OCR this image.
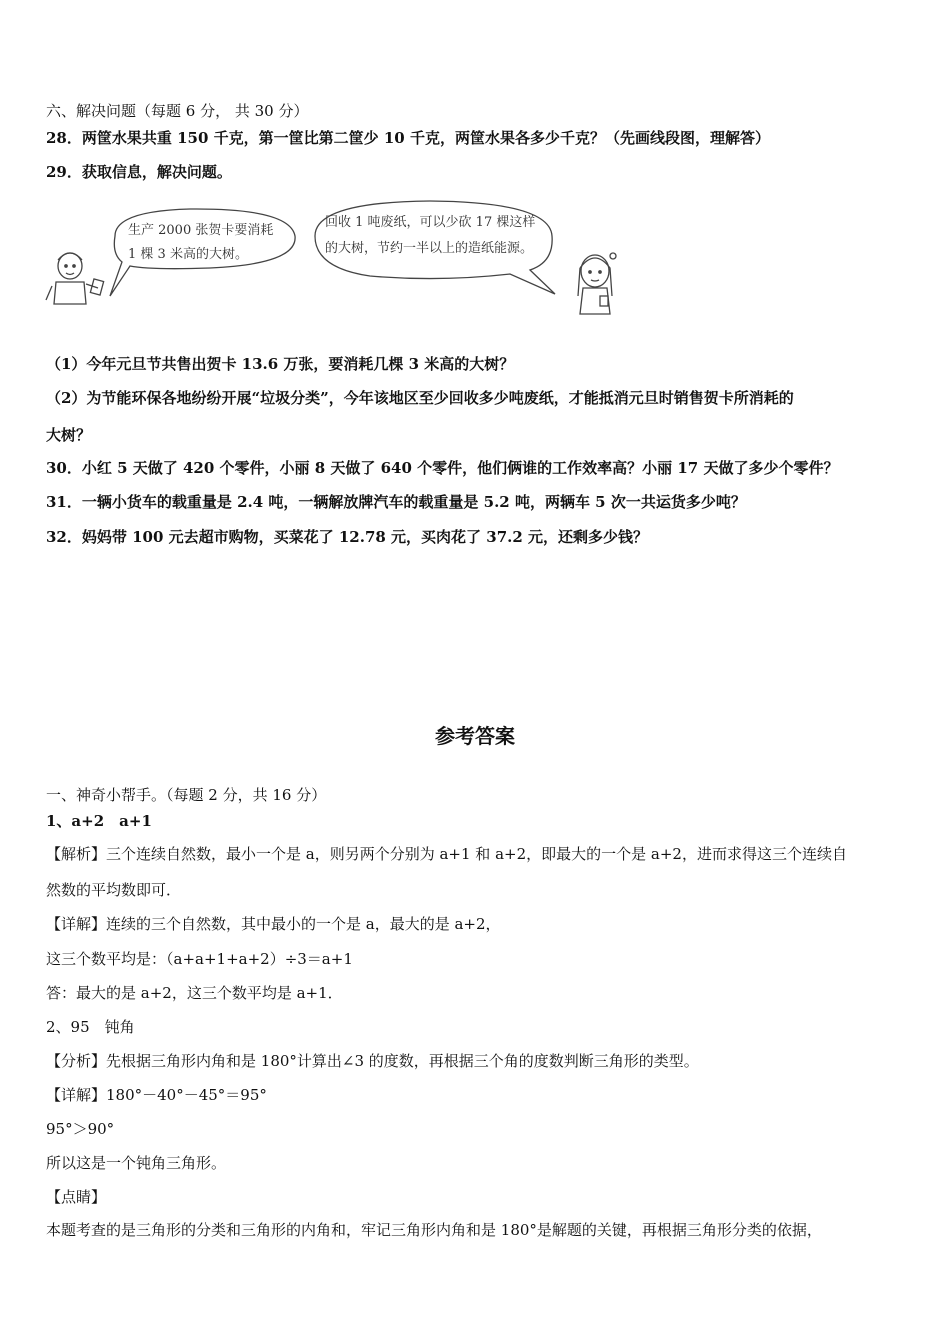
六、解决问题（每题 6 分， 共 30 分）
28．两筐水果共重 150 千克，第一筐比第二筐少 10 千克，两筐水果各多少千克？（先画线段图，理解答）
29．获取信息，解决问题。
生产 2000 张贺卡要消耗
1 棵 3 米高的大树。
回收 1 吨废纸，可以少砍 17 棵这样
的大树，节约一半以上的造纸能源。
（1）今年元旦节共售出贺卡 13.6 万张，要消耗几棵 3 米高的大树？
（2）为节能环保各地纷纷开展“垃圾分类”，今年该地区至少回收多少吨废纸，才能抵消元旦时销售贺卡所消耗的
大树？
30．小红 5 天做了 420 个零件，小丽 8 天做了 640 个零件，他们俩谁的工作效率高？小丽 17 天做了多少个零件？
31．一辆小货车的载重量是 2.4 吨，一辆解放牌汽车的载重量是 5.2 吨，两辆车 5 次一共运货多少吨？
32．妈妈带 100 元去超市购物，买菜花了 12.78 元，买肉花了 37.2 元，还剩多少钱？
参考答案
一、神奇小帮手。（每题 2 分，共 16 分）
1、a+2　a+1
【解析】三个连续自然数，最小一个是 a，则另两个分别为 a+1 和 a+2，即最大的一个是 a+2，进而求得这三个连续自
然数的平均数即可．
【详解】连续的三个自然数，其中最小的一个是 a，最大的是 a+2，
这三个数平均是：（a+a+1+a+2）÷3＝a+1
答：最大的是 a+2，这三个数平均是 a+1．
2、95　钝角
【分析】先根据三角形内角和是 180°计算出∠3 的度数，再根据三个角的度数判断三角形的类型。
【详解】180°－40°－45°＝95°
95°＞90°
所以这是一个钝角三角形。
【点睛】
本题考查的是三角形的分类和三角形的内角和，牢记三角形内角和是 180°是解题的关键，再根据三角形分类的依据，
